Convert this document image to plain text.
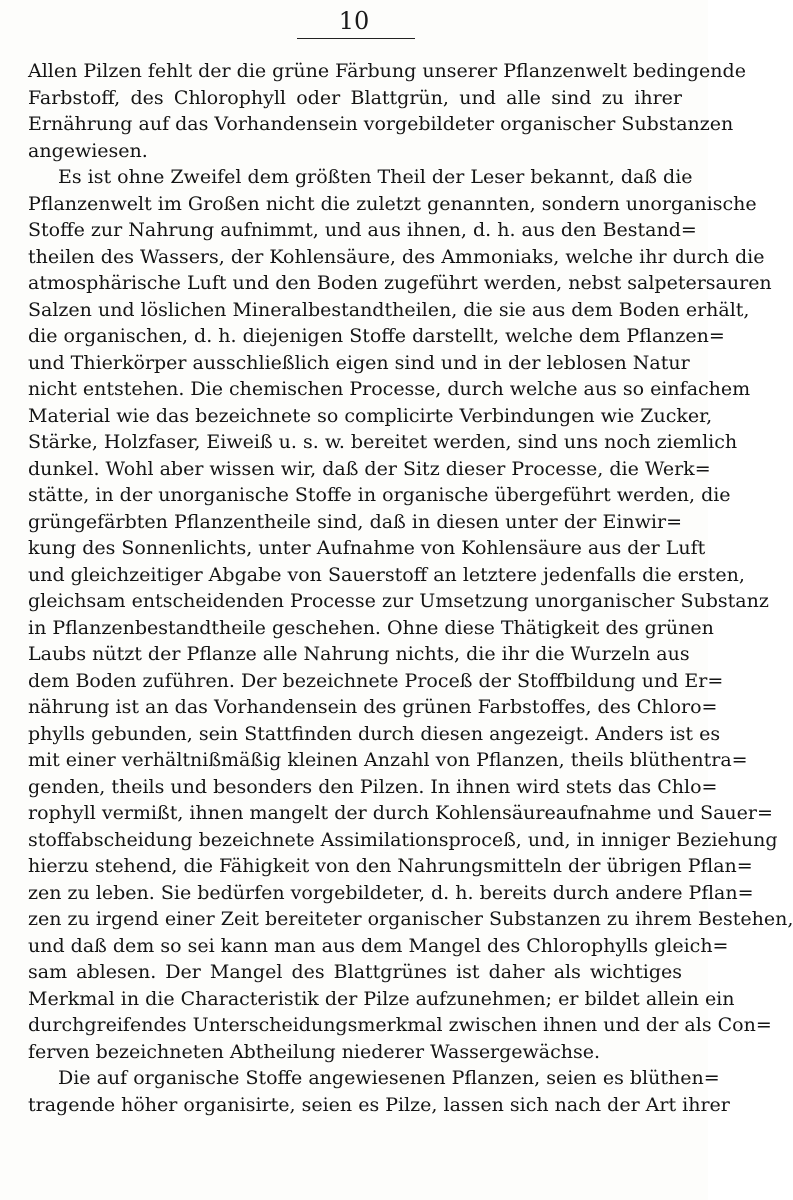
10
Allen Pilzen fehlt der die grüne Färbung unserer Pflanzenwelt bedingende
Farbstoff, des Chlorophyll oder Blattgrün, und alle sind zu ihrer
Ernährung auf das Vorhandensein vorgebildeter organischer Substanzen
angewiesen.
Es ist ohne Zweifel dem größten Theil der Leser bekannt, daß die
Pflanzenwelt im Großen nicht die zuletzt genannten, sondern unorganische
Stoffe zur Nahrung aufnimmt, und aus ihnen, d. h. aus den Bestand=
theilen des Wassers, der Kohlensäure, des Ammoniaks, welche ihr durch die
atmosphärische Luft und den Boden zugeführt werden, nebst salpetersauren
Salzen und löslichen Mineralbestandtheilen, die sie aus dem Boden erhält,
die organischen, d. h. diejenigen Stoffe darstellt, welche dem Pflanzen=
und Thierkörper ausschließlich eigen sind und in der leblosen Natur
nicht entstehen. Die chemischen Processe, durch welche aus so einfachem
Material wie das bezeichnete so complicirte Verbindungen wie Zucker,
Stärke, Holzfaser, Eiweiß u. s. w. bereitet werden, sind uns noch ziemlich
dunkel. Wohl aber wissen wir, daß der Sitz dieser Processe, die Werk=
stätte, in der unorganische Stoffe in organische übergeführt werden, die
grüngefärbten Pflanzentheile sind, daß in diesen unter der Einwir=
kung des Sonnenlichts, unter Aufnahme von Kohlensäure aus der Luft
und gleichzeitiger Abgabe von Sauerstoff an letztere jedenfalls die ersten,
gleichsam entscheidenden Processe zur Umsetzung unorganischer Substanz
in Pflanzenbestandtheile geschehen. Ohne diese Thätigkeit des grünen
Laubs nützt der Pflanze alle Nahrung nichts, die ihr die Wurzeln aus
dem Boden zuführen. Der bezeichnete Proceß der Stoffbildung und Er=
nährung ist an das Vorhandensein des grünen Farbstoffes, des Chloro=
phylls gebunden, sein Stattfinden durch diesen angezeigt. Anders ist es
mit einer verhältnißmäßig kleinen Anzahl von Pflanzen, theils blüthentra=
genden, theils und besonders den Pilzen. In ihnen wird stets das Chlo=
rophyll vermißt, ihnen mangelt der durch Kohlensäureaufnahme und Sauer=
stoffabscheidung bezeichnete Assimilationsproceß, und, in inniger Beziehung
hierzu stehend, die Fähigkeit von den Nahrungsmitteln der übrigen Pflan=
zen zu leben. Sie bedürfen vorgebildeter, d. h. bereits durch andere Pflan=
zen zu irgend einer Zeit bereiteter organischer Substanzen zu ihrem Bestehen,
und daß dem so sei kann man aus dem Mangel des Chlorophylls gleich=
sam ablesen. Der Mangel des Blattgrünes ist daher als wichtiges
Merkmal in die Characteristik der Pilze aufzunehmen; er bildet allein ein
durchgreifendes Unterscheidungsmerkmal zwischen ihnen und der als Con=
ferven bezeichneten Abtheilung niederer Wassergewächse.
Die auf organische Stoffe angewiesenen Pflanzen, seien es blüthen=
tragende höher organisirte, seien es Pilze, lassen sich nach der Art ihrer
